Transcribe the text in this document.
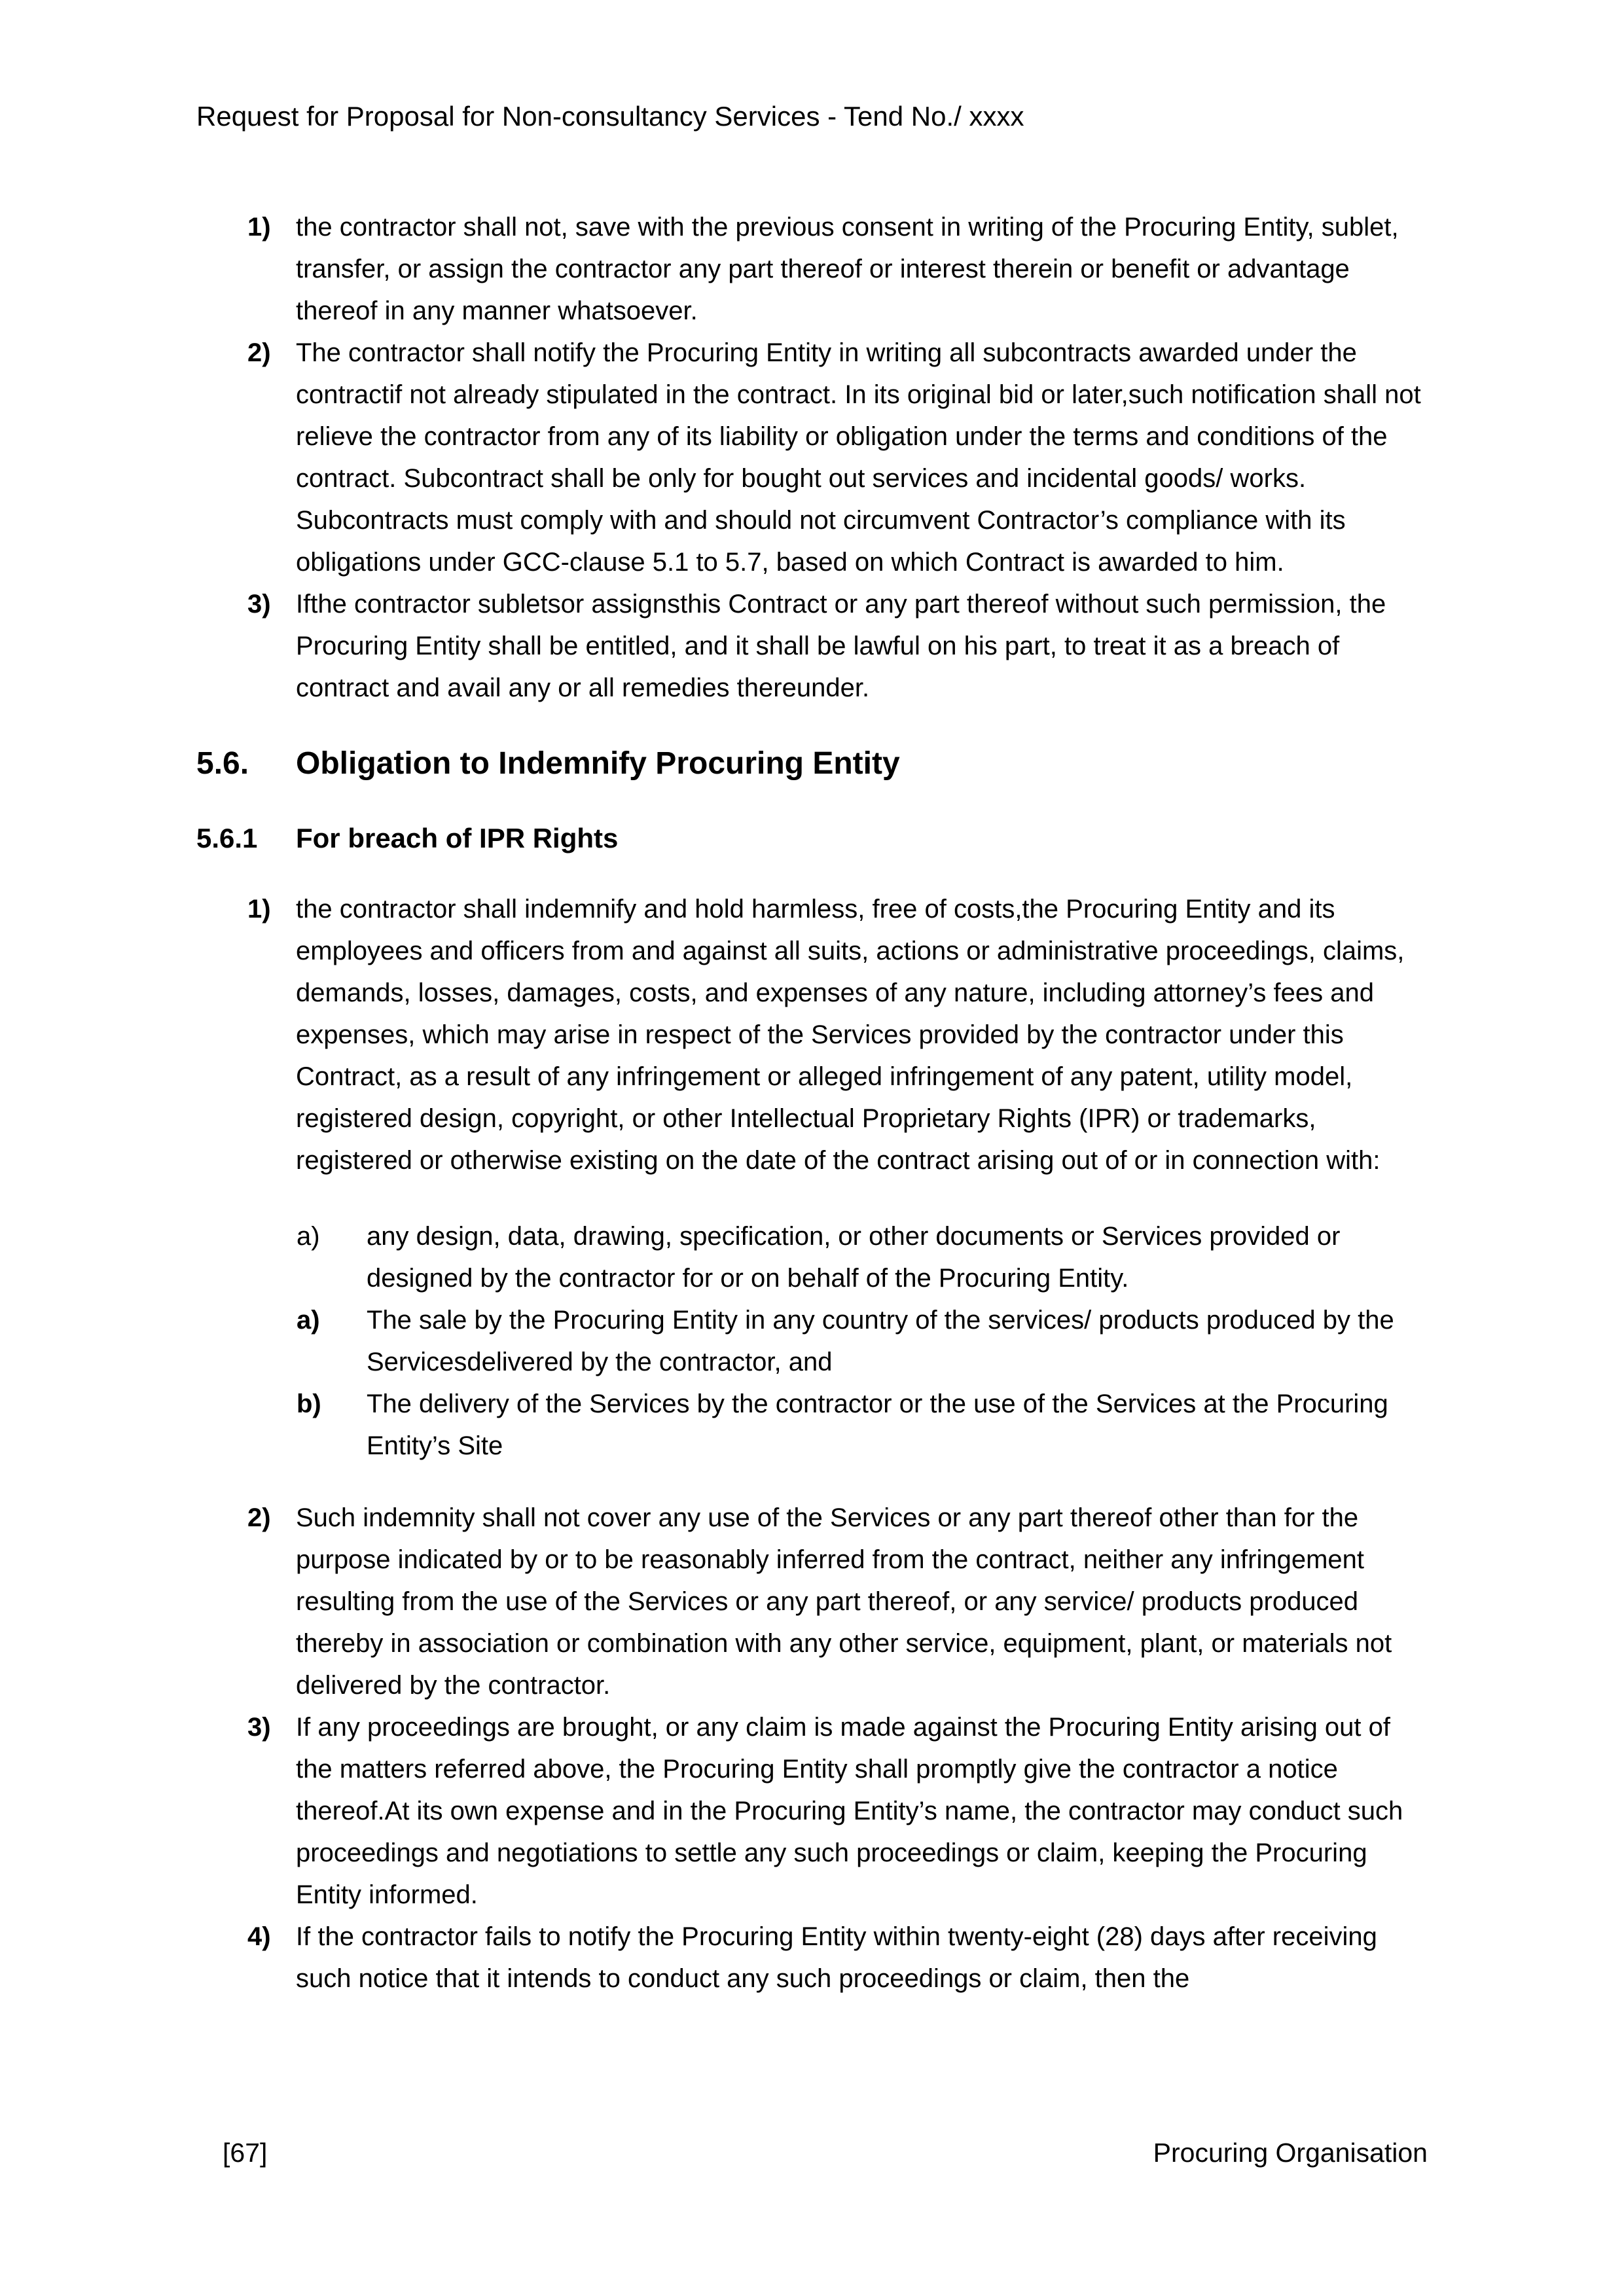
Request for Proposal for Non-consultancy Services - Tend No./ xxxx
1) the contractor shall not, save with the previous consent in writing of the Procuring Entity, sublet, transfer, or assign the contractor any part thereof or interest therein or benefit or advantage thereof in any manner whatsoever.
2) The contractor shall notify the Procuring Entity in writing all subcontracts awarded under the contractif not already stipulated in the contract. In its original bid or later,such notification shall not relieve the contractor from any of its liability or obligation under the terms and conditions of the contract. Subcontract shall be only for bought out services and incidental goods/ works. Subcontracts must comply with and should not circumvent Contractor’s compliance with its obligations under GCC-clause 5.1 to 5.7, based on which Contract is awarded to him.
3) Ifthe contractor subletsor assignsthis Contract or any part thereof without such permission, the Procuring Entity shall be entitled, and it shall be lawful on his part, to treat it as a breach of contract and avail any or all remedies thereunder.
5.6.	Obligation to Indemnify Procuring Entity
5.6.1	For breach of IPR Rights
1) the contractor shall indemnify and hold harmless, free of costs,the Procuring Entity and its employees and officers from and against all suits, actions or administrative proceedings, claims, demands, losses, damages, costs, and expenses of any nature, including attorney’s fees and expenses, which may arise in respect of the Services provided by the contractor under this Contract, as a result of any infringement or alleged infringement of any patent, utility model, registered design, copyright, or other Intellectual Proprietary Rights (IPR) or trademarks, registered or otherwise existing on the date of the contract arising out of or in connection with:
a)	any design, data, drawing, specification, or other documents or Services provided or designed by the contractor for or on behalf of the Procuring Entity.
a)	The sale by the Procuring Entity in any country of the services/ products produced by the Servicesdelivered by the contractor, and
b)	The delivery of the Services by the contractor or the use of the Services at the Procuring Entity’s Site
2) Such indemnity shall not cover any use of the Services or any part thereof other than for the purpose indicated by or to be reasonably inferred from the contract, neither any infringement resulting from the use of the Services or any part thereof, or any service/ products produced thereby in association or combination with any other service, equipment, plant, or materials not delivered by the contractor.
3) If any proceedings are brought, or any claim is made against the Procuring Entity arising out of the matters referred above, the Procuring Entity shall promptly give the contractor a notice thereof.At its own expense and in the Procuring Entity’s name, the contractor may conduct such proceedings and negotiations to settle any such proceedings or claim, keeping the Procuring Entity informed.
4) If the contractor fails to notify the Procuring Entity within twenty-eight (28) days after receiving such notice that it intends to conduct any such proceedings or claim, then the
[67]	Procuring Organisation
